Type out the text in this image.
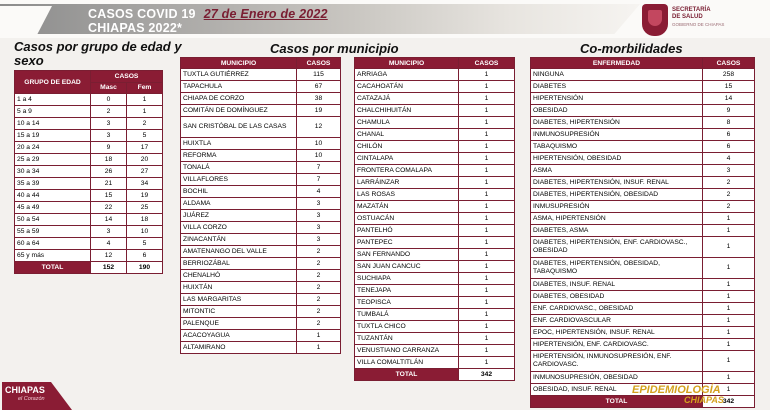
CASOS COVID 19 27 de Enero de 2022
CHIAPAS 2022*
SECRETARÍA
DE SALUD
GOBIERNO DE CHIAPAS
Casos por grupo de edad y sexo
Casos por municipio	Co-morbilidades
GRUPO DE EDAD	CASOS	
	Masc	Fem
1 a 4	0	1
5 a 9	2	1
10 a 14	3	2
15 a 19	3	5
20 a 24	9	17
25 a 29	18	20
30 a 34	26	27
35 a 39	21	34
40 a 44	15	19
45 a 49	22	25
50 a 54	14	18
55 a 59	3	10
60 a 64	4	5
65 y más	12	6
TOTAL	152	190
MUNICIPIO	CASOS
TUXTLA GUTIÉRREZ	115
TAPACHULA	67
CHIAPA DE CORZO	38
COMITÁN DE DOMÍNGUEZ	19
SAN CRISTÓBAL DE LAS CASAS	12
HUIXTLA	10
REFORMA	10
TONALÁ	7
VILLAFLORES	7
BOCHIL	4
ALDAMA	3
JUÁREZ	3
VILLA CORZO	3
ZINACANTÁN	3
AMATENANGO DEL VALLE	2
BERRIOZÁBAL	2
CHENALHÓ	2
HUIXTÁN	2
LAS MARGARITAS	2
MITONTIC	2
PALENQUE	2
ACACOYAGUA	1
ALTAMIRANO	1
MUNICIPIO	CASOS
ARRIAGA	1
CACAHOATÁN	1
CATAZAJÁ	1
CHALCHIHUITÁN	1
CHAMULA	1
CHANAL	1
CHILÓN	1
CINTALAPA	1
FRONTERA COMALAPA	1
LARRÁINZAR	1
LAS ROSAS	1
MAZATÁN	1
OSTUACÁN	1
PANTELHÓ	1
PANTEPEC	1
SAN FERNANDO	1
SAN JUAN CANCUC	1
SUCHIAPA	1
TENEJAPA	1
TEOPISCA	1
TUMBALÁ	1
TUXTLA CHICO	1
TUZANTÁN	1
VENUSTIANO CARRANZA	1
VILLA COMALTITLÁN	1
TOTAL	342
ENFERMEDAD	CASOS
NINGUNA	258
DIABETES	15
HIPERTENSIÓN	14
OBESIDAD	9
DIABETES, HIPERTENSIÓN	8
INMUNOSUPRESIÓN	6
TABAQUISMO	6
HIPERTENSIÓN, OBESIDAD	4
ASMA	3
DIABETES, HIPERTENSIÓN, INSUF. RENAL	2
DIABETES, HIPERTENSIÓN, OBESIDAD	2
INMUSUPRESIÓN	2
ASMA, HIPERTENSIÓN	1
DIABETES, ASMA	1
DIABETES, HIPERTENSIÓN, ENF. CARDIOVASC., OBESIDAD	1
DIABETES, HIPERTENSIÓN, OBESIDAD, TABAQUISMO	1
DIABETES, INSUF. RENAL	1
DIABETES, OBESIDAD	1
ENF. CARDIOVASC., OBESIDAD	1
ENF. CARDIOVASCULAR	1
EPOC, HIPERTENSIÓN, INSUF. RENAL	1
HIPERTENSIÓN, ENF. CARDIOVASC.	1
HIPERTENSIÓN, INMUNOSUPRESIÓN, ENF. CARDIOVASC.	1
INMUNOSUPRESIÓN, OBESIDAD	1
OBESIDAD, INSUF. RENAL	1
TOTAL	342
CHIAPAS
el Corazón
EPIDEMIOLOGÍA
CHIAPAS
